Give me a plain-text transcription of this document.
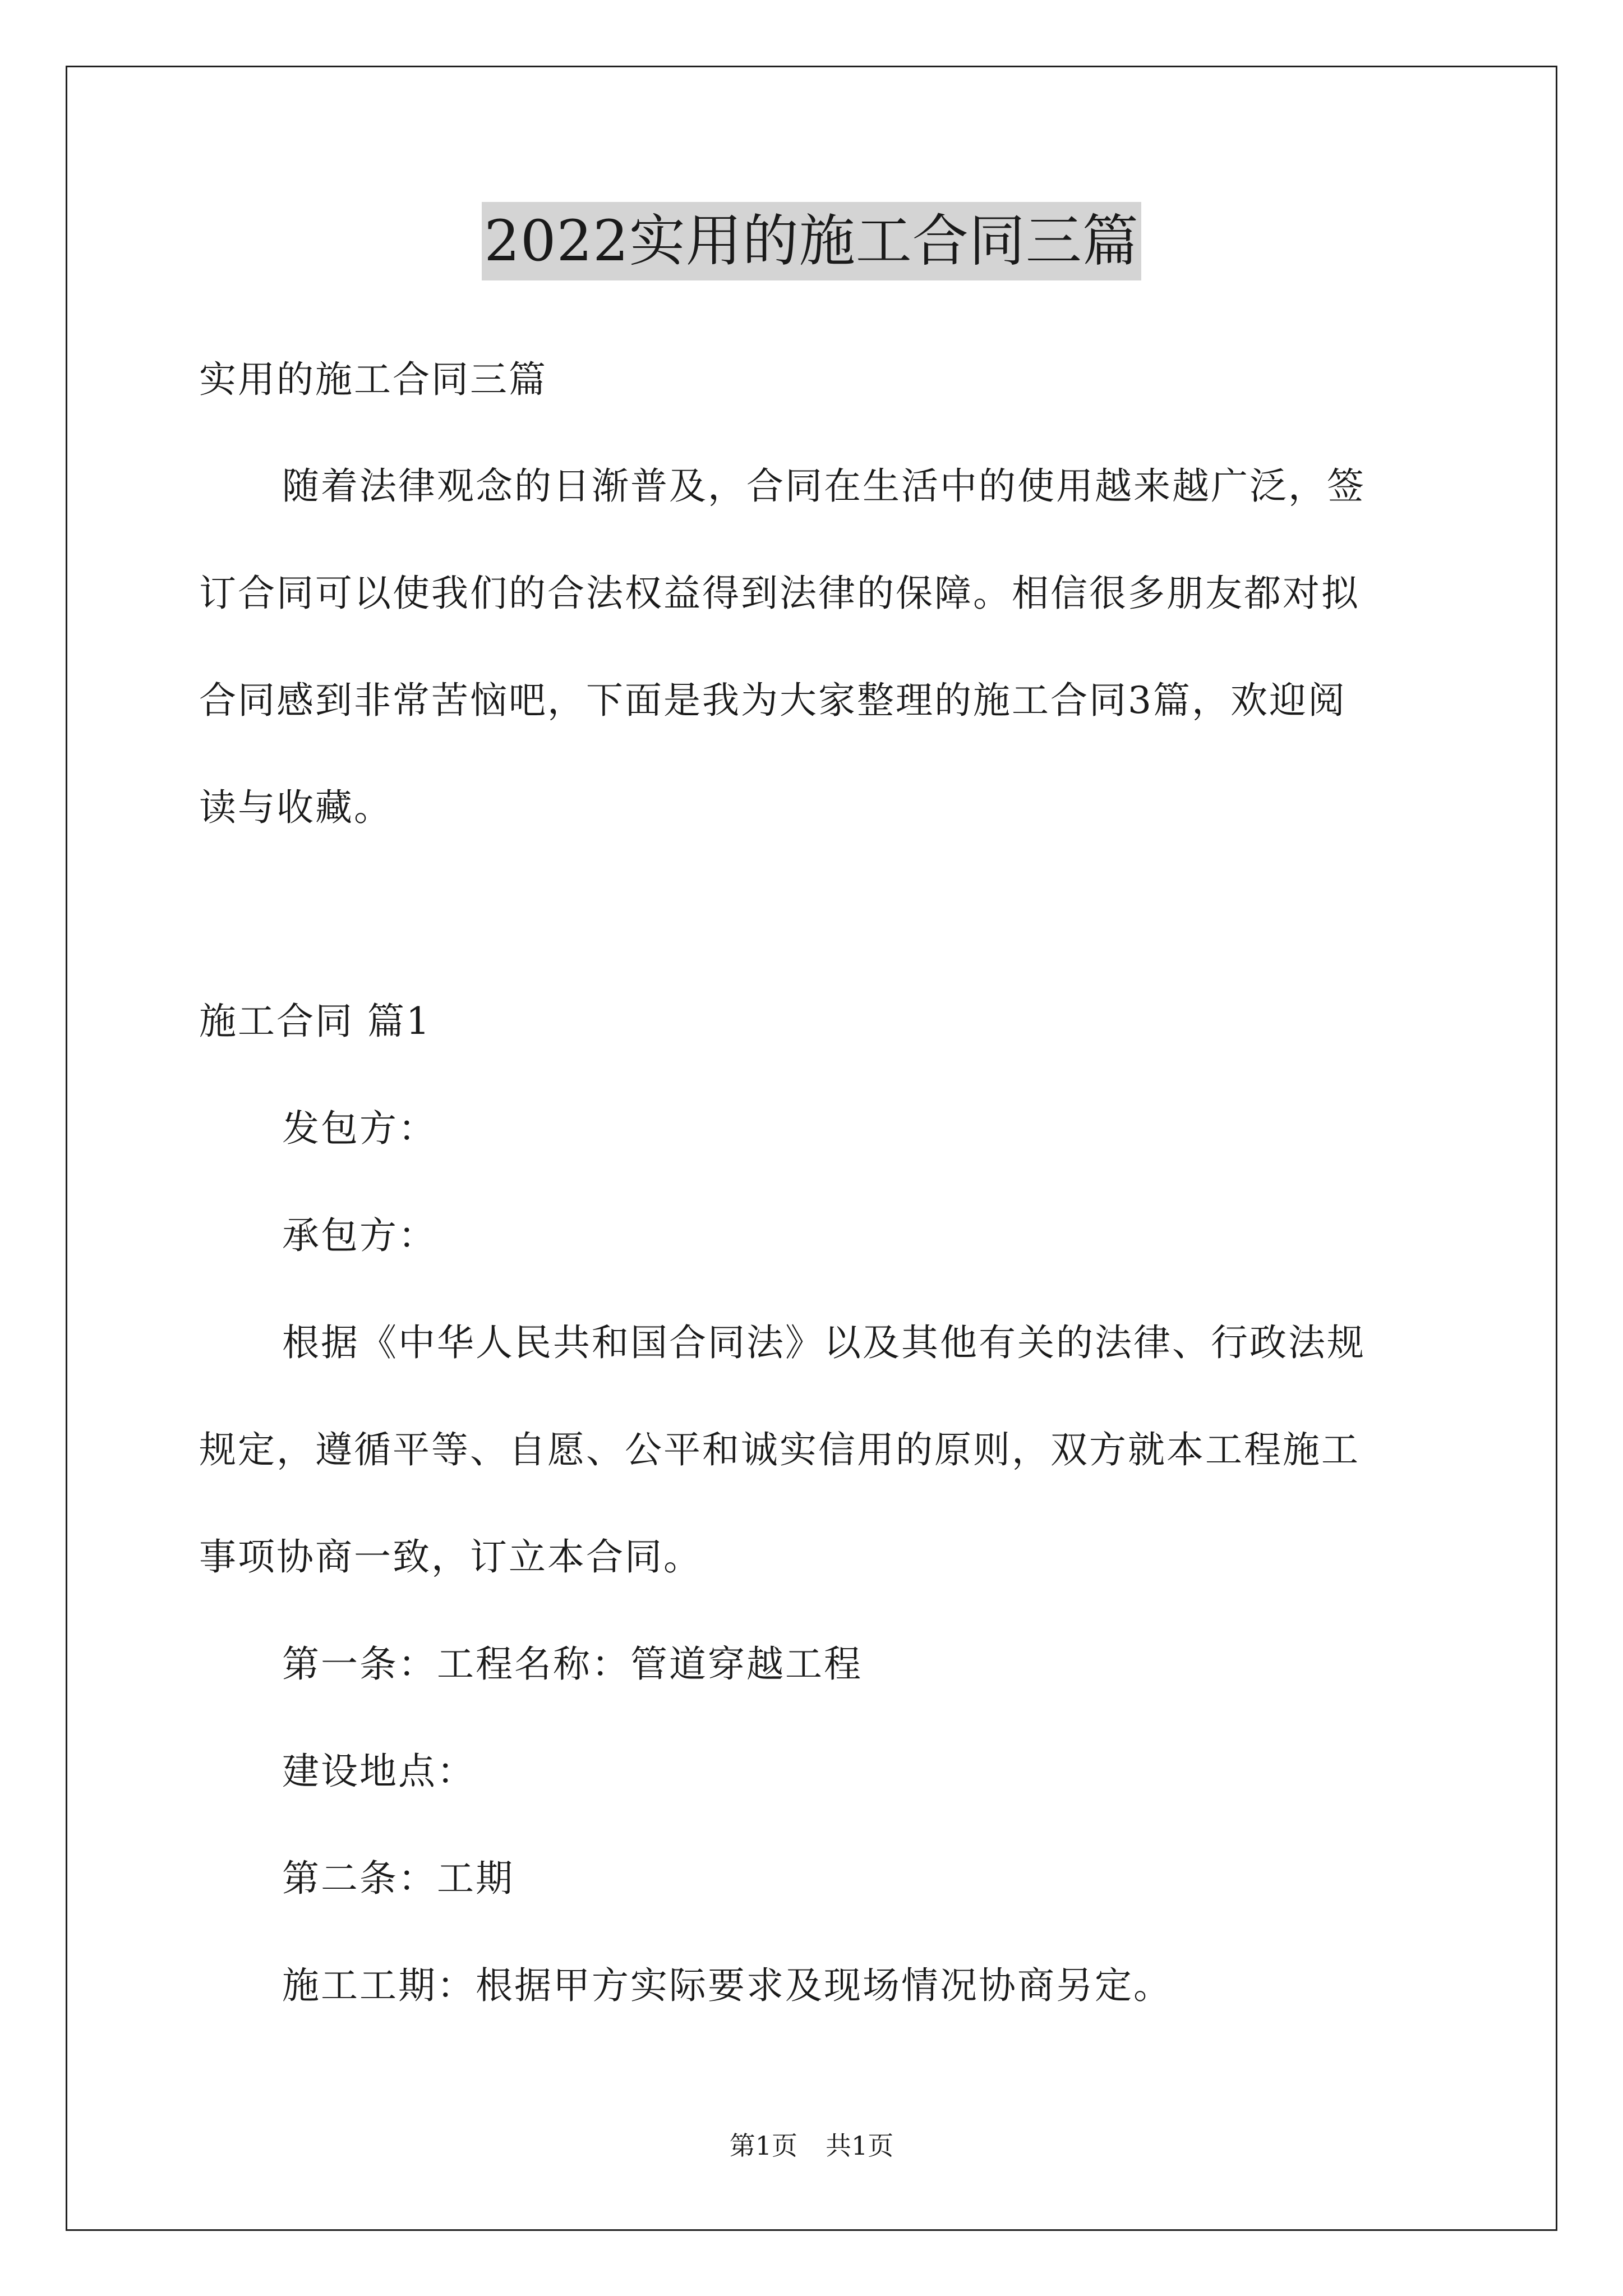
2022实用的施工合同三篇
实用的施工合同三篇
随着法律观念的日渐普及，合同在生活中的使用越来越广泛，签
订合同可以使我们的合法权益得到法律的保障。相信很多朋友都对拟
合同感到非常苦恼吧，下面是我为大家整理的施工合同3篇，欢迎阅
读与收藏。
施工合同 篇1
发包方：
承包方：
根据《中华人民共和国合同法》以及其他有关的法律、行政法规
规定，遵循平等、自愿、公平和诚实信用的原则，双方就本工程施工
事项协商一致，订立本合同。
第一条：工程名称：管道穿越工程
建设地点：
第二条：工期
施工工期：根据甲方实际要求及现场情况协商另定。
第1页 共1页
